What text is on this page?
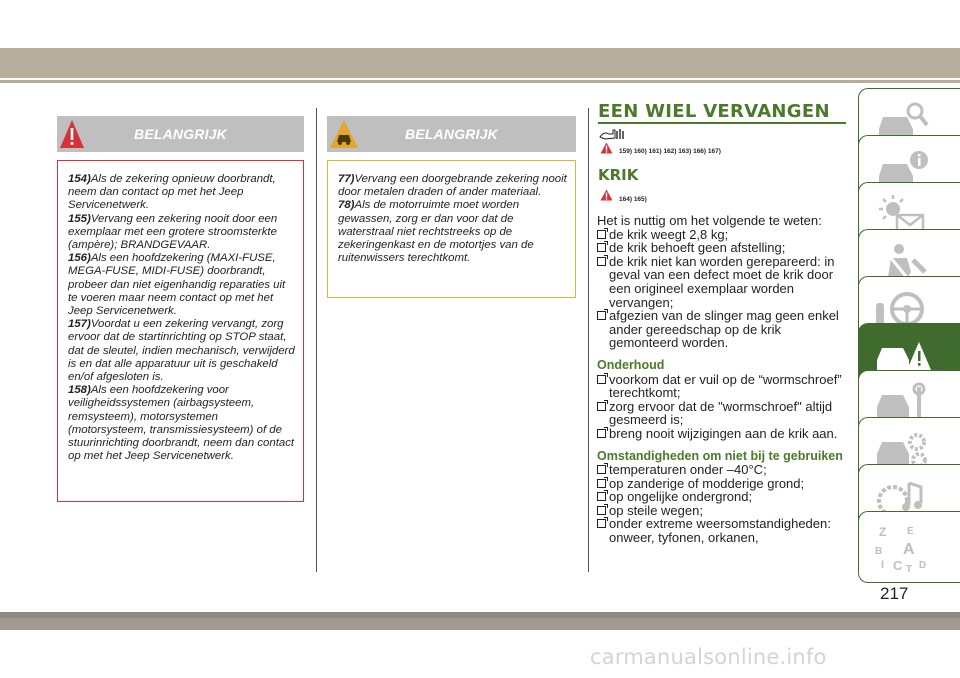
BELANGRIJK

154)Als de zekering opnieuw doorbrandt, neem dan contact op met het Jeep Servicenetwerk.

155)Vervang een zekering nooit door een exemplaar met een grotere stroomsterkte (ampère); BRANDGEVAAR.

156)Als een hoofdzekering (MAXI-FUSE, MEGA-FUSE, MIDI-FUSE) doorbrandt, probeer dan niet eigenhandig reparaties uit te voeren maar neem contact op met het Jeep Servicenetwerk.

157)Voordat u een zekering vervangt, zorg ervoor dat de startinrichting op STOP staat, dat de sleutel, indien mechanisch, verwijderd is en dat alle apparatuur uit is geschakeld en/of afgesloten is.

158)Als een hoofdzekering voor veiligheidssystemen (airbagsysteem, remsysteem), motorsystemen (motorsysteem, transmissiesysteem) of de stuurinrichting doorbrandt, neem dan contact op met het Jeep Servicenetwerk.

BELANGRIJK

77)Vervang een doorgebrande zekering nooit door metalen draden of ander materiaal.

78)Als de motorruimte moet worden gewassen, zorg er dan voor dat de waterstraal niet rechtstreeks op de zekeringenkast en de motortjes van de ruitenwissers terechtkomt.

EEN WIEL VERVANGEN
159) 160) 161) 162) 163) 166) 167)
KRIK
164) 165)
Het is nuttig om het volgende te weten:
de krik weegt 2,8 kg;
de krik behoeft geen afstelling;
de krik niet kan worden gerepareerd: in geval van een defect moet de krik door een origineel exemplaar worden vervangen;
afgezien van de slinger mag geen enkel ander gereedschap op de krik gemonteerd worden.
Onderhoud
voorkom dat er vuil op de “wormschroef” terechtkomt;
zorg ervoor dat de "wormschroef" altijd gesmeerd is;
breng nooit wijzigingen aan de krik aan.
Omstandigheden om niet bij te gebruiken
temperaturen onder –40°C;
op zanderige of modderige grond;
op ongelijke ondergrond;
op steile wegen;
onder extreme weersomstandigheden: onweer, tyfonen, orkanen,	Z E
B A
I C T D
217
carmanualsonline.info
